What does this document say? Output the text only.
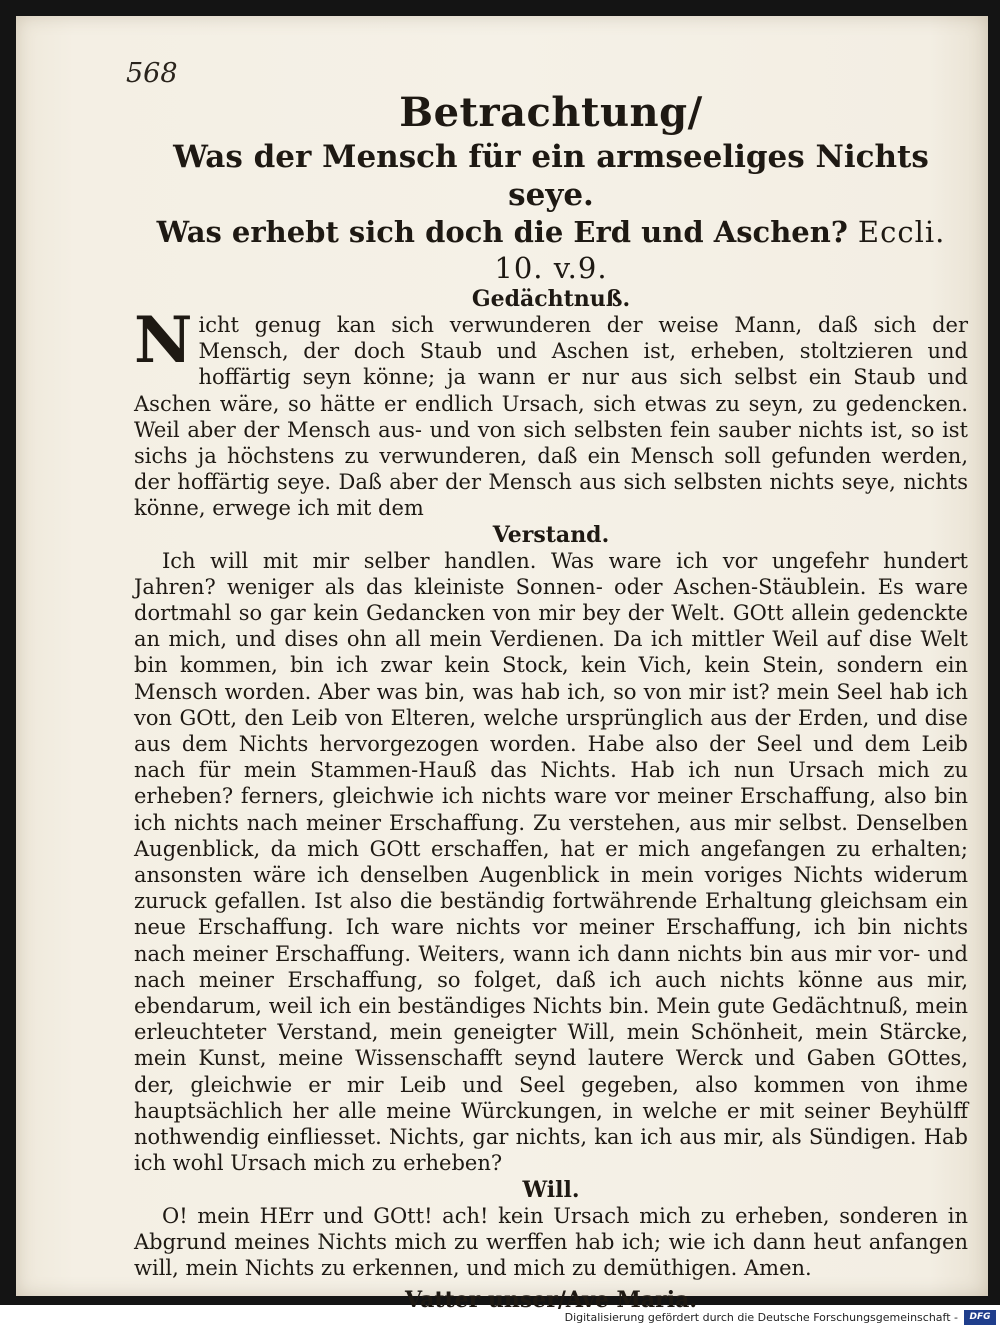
568
Betrachtung/

Was der Mensch für ein armseeliges Nichts seye.

Was erhebt sich doch die Erd und Aschen? Eccli. 10. v.9.

Gedächtnuß.

Nicht genug kan sich verwunderen der weise Mann, daß sich der Mensch, der doch Staub und Aschen ist, erheben, stoltzieren und hoffärtig seyn könne; ja wann er nur aus sich selbst ein Staub und Aschen wäre, so hätte er endlich Ursach, sich etwas zu seyn, zu gedencken. Weil aber der Mensch aus- und von sich selbsten fein sauber nichts ist, so ist sichs ja höchstens zu verwunderen, daß ein Mensch soll gefunden werden, der hoffärtig seye. Daß aber der Mensch aus sich selbsten nichts seye, nichts könne, erwege ich mit dem

Verstand.

Ich will mit mir selber handlen. Was ware ich vor ungefehr hundert Jahren? weniger als das kleiniste Sonnen- oder Aschen-Stäublein. Es ware dortmahl so gar kein Gedancken von mir bey der Welt. GOtt allein gedenckte an mich, und dises ohn all mein Verdienen. Da ich mittler Weil auf dise Welt bin kommen, bin ich zwar kein Stock, kein Vich, kein Stein, sondern ein Mensch worden. Aber was bin, was hab ich, so von mir ist? mein Seel hab ich von GOtt, den Leib von Elteren, welche ursprünglich aus der Erden, und dise aus dem Nichts hervorgezogen worden. Habe also der Seel und dem Leib nach für mein Stammen-Hauß das Nichts. Hab ich nun Ursach mich zu erheben? ferners, gleichwie ich nichts ware vor meiner Erschaffung, also bin ich nichts nach meiner Erschaffung. Zu verstehen, aus mir selbst. Denselben Augenblick, da mich GOtt erschaffen, hat er mich angefangen zu erhalten; ansonsten wäre ich denselben Augenblick in mein voriges Nichts widerum zuruck gefallen. Ist also die beständig fortwährende Erhaltung gleichsam ein neue Erschaffung. Ich ware nichts vor meiner Erschaffung, ich bin nichts nach meiner Erschaffung. Weiters, wann ich dann nichts bin aus mir vor- und nach meiner Erschaffung, so folget, daß ich auch nichts könne aus mir, ebendarum, weil ich ein beständiges Nichts bin. Mein gute Gedächtnuß, mein erleuchteter Verstand, mein geneigter Will, mein Schönheit, mein Stärcke, mein Kunst, meine Wissenschafft seynd lautere Werck und Gaben GOttes, der, gleichwie er mir Leib und Seel gegeben, also kommen von ihme hauptsächlich her alle meine Würckungen, in welche er mit seiner Beyhülff nothwendig einfliesset. Nichts, gar nichts, kan ich aus mir, als Sündigen. Hab ich wohl Ursach mich zu erheben?

Will.

O! mein HErr und GOtt! ach! kein Ursach mich zu erheben, sonderen in Abgrund meines Nichts mich zu werffen hab ich; wie ich dann heut anfangen will, mein Nichts zu erkennen, und mich zu demüthigen. Amen.

Vatter unser/Ave Maria.

Digitalisierung gefördert durch die Deutsche Forschungsgemeinschaft -	DFG
